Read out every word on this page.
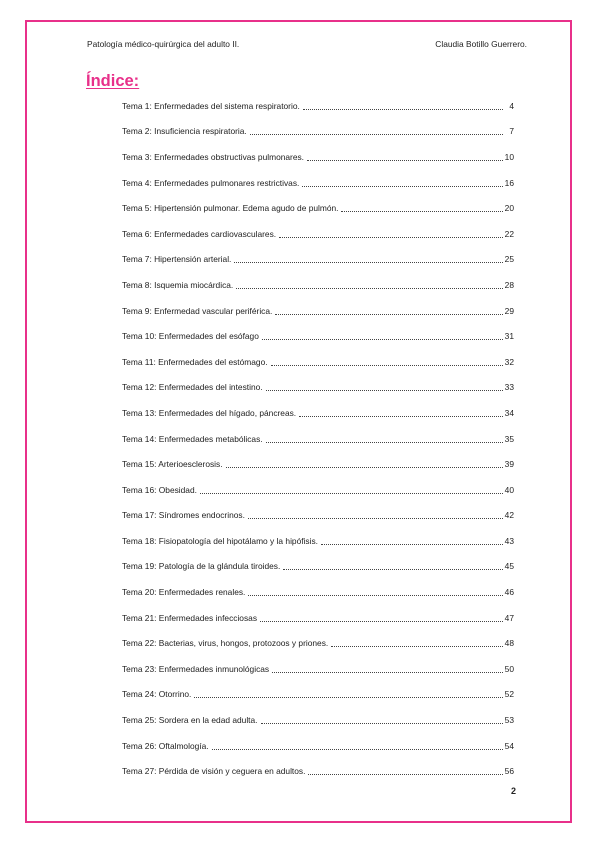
Patología médico-quirúrgica del adulto II.	Claudia Botillo Guerrero.
Índice:
Tema 1: Enfermedades del sistema respiratorio.	4
Tema 2: Insuficiencia respiratoria.	7
Tema 3: Enfermedades obstructivas pulmonares.	10
Tema 4: Enfermedades pulmonares restrictivas.	16
Tema 5: Hipertensión pulmonar. Edema agudo de pulmón.	20
Tema 6: Enfermedades cardiovasculares.	22
Tema 7: Hipertensión arterial.	25
Tema 8: Isquemia miocárdica.	28
Tema 9: Enfermedad vascular periférica.	29
Tema 10: Enfermedades del esófago	31
Tema 11: Enfermedades del estómago.	32
Tema 12: Enfermedades del intestino.	33
Tema 13: Enfermedades del hígado, páncreas.	34
Tema 14: Enfermedades metabólicas.	35
Tema 15: Arterioesclerosis.	39
Tema 16: Obesidad.	40
Tema 17: Síndromes endocrinos.	42
Tema 18: Fisiopatología del hipotálamo y la hipófisis.	43
Tema 19: Patología de la glándula tiroides.	45
Tema 20: Enfermedades renales.	46
Tema 21: Enfermedades infecciosas	47
Tema 22: Bacterias, virus, hongos, protozoos y priones.	48
Tema 23: Enfermedades inmunológicas	50
Tema 24: Otorrino.	52
Tema 25: Sordera en la edad adulta.	53
Tema 26: Oftalmología.	54
Tema 27: Pérdida de visión y ceguera en adultos.	56
2
